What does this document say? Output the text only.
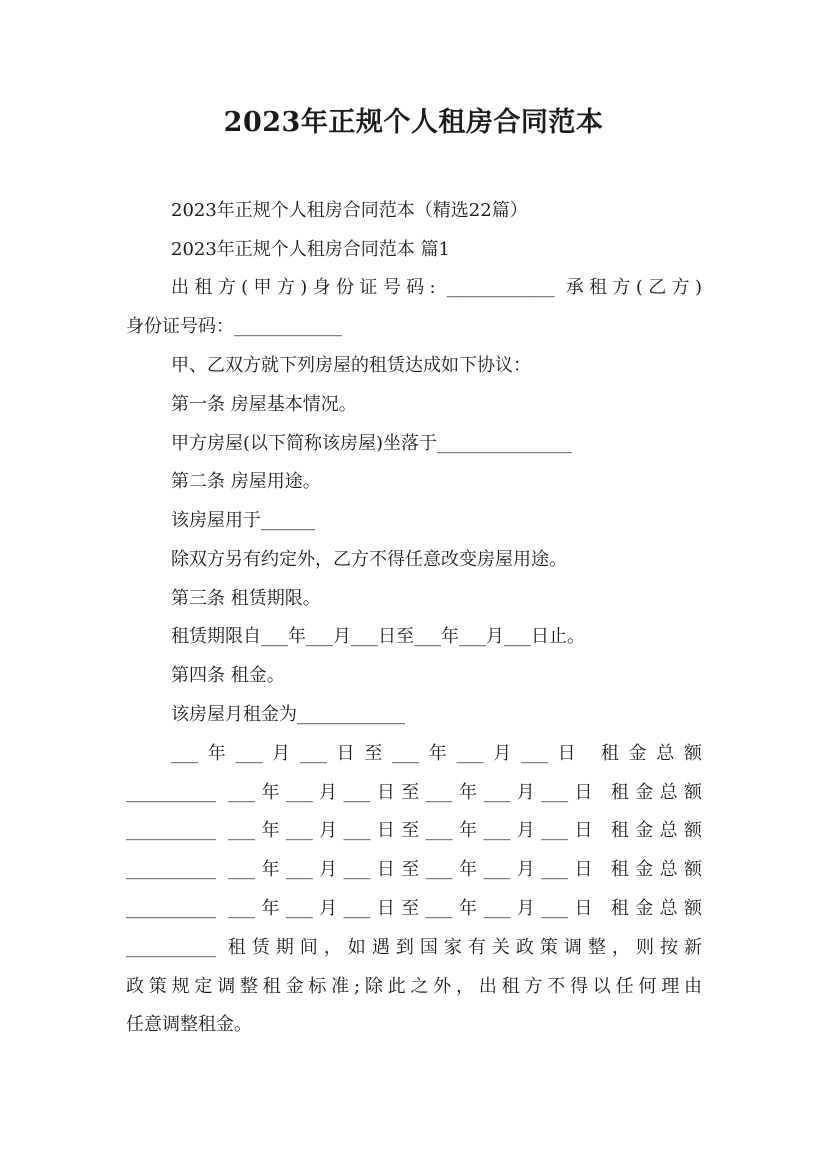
2023年正规个人租房合同范本
2023年正规个人租房合同范本（精选22篇）
2023年正规个人租房合同范本 篇1
出租方(甲方)身份证号码: ____________ 承租方(乙方)
身份证号码：____________
甲、乙双方就下列房屋的租赁达成如下协议：
第一条 房屋基本情况。
甲方房屋(以下简称该房屋)坐落于_______________
第二条 房屋用途。
该房屋用于______
除双方另有约定外，乙方不得任意改变房屋用途。
第三条 租赁期限。
租赁期限自___年___月___日至___年___月___日止。
第四条 租金。
该房屋月租金为____________
___年___月___日至___年___月___日 租金总额
__________ ___年___月___日至___年___月___日 租金总额
__________ ___年___月___日至___年___月___日 租金总额
__________ ___年___月___日至___年___月___日 租金总额
__________ ___年___月___日至___年___月___日 租金总额
__________ 租赁期间，如遇到国家有关政策调整，则按新
政策规定调整租金标准;除此之外，出租方不得以任何理由
任意调整租金。
